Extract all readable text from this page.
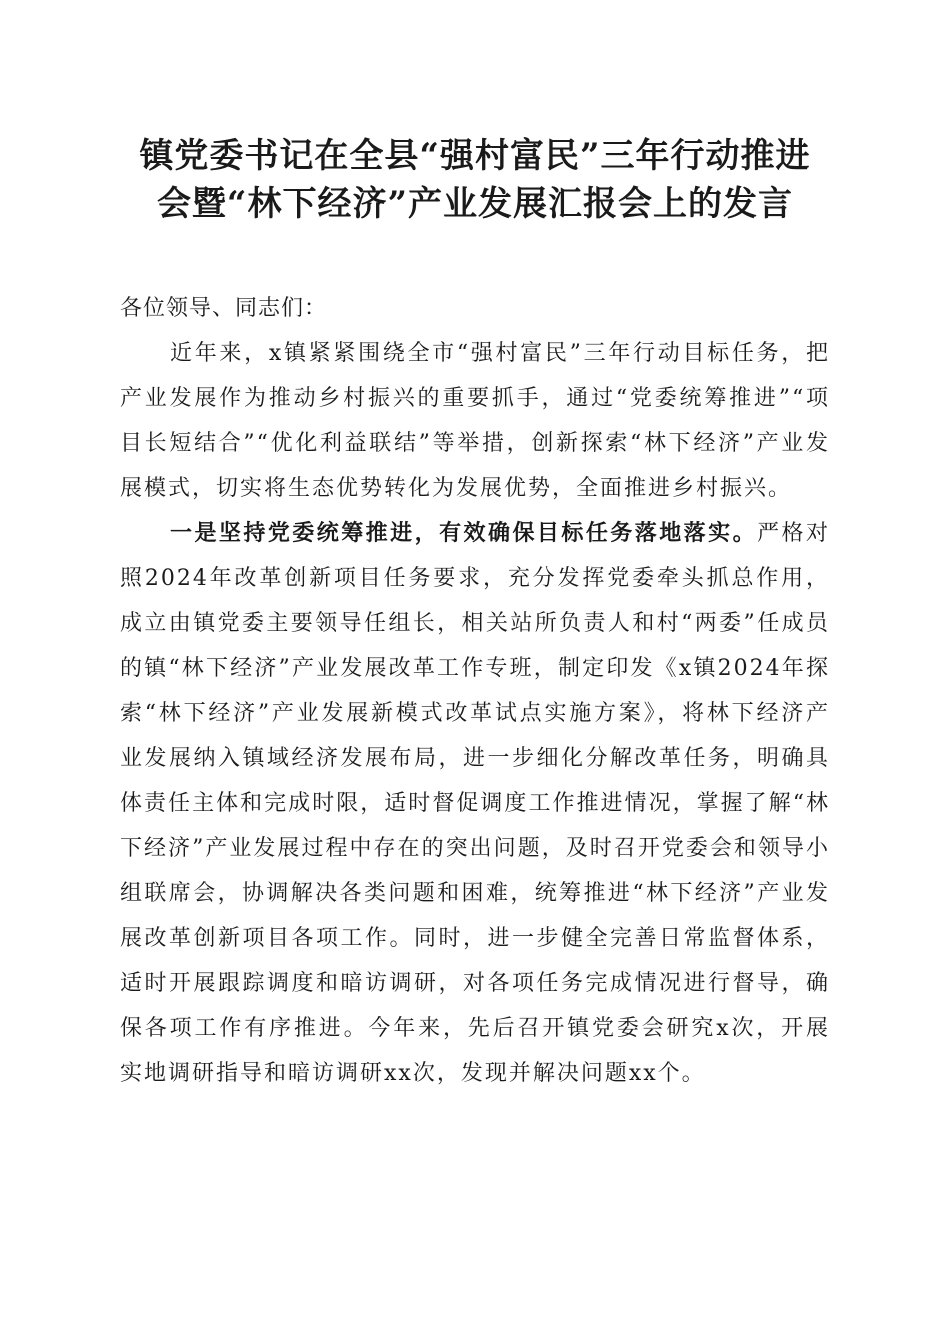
镇党委书记在全县“强村富民”三年行动推进
会暨“林下经济”产业发展汇报会上的发言

各位领导、同志们：

近年来，x镇紧紧围绕全市“强村富民”三年行动目标任务，把产业发展作为推动乡村振兴的重要抓手，通过“党委统筹推进”“项目长短结合”“优化利益联结”等举措，创新探索“林下经济”产业发展模式，切实将生态优势转化为发展优势，全面推进乡村振兴。

一是坚持党委统筹推进，有效确保目标任务落地落实。严格对照2024年改革创新项目任务要求，充分发挥党委牵头抓总作用，成立由镇党委主要领导任组长，相关站所负责人和村“两委”任成员的镇“林下经济”产业发展改革工作专班，制定印发《x镇2024年探索“林下经济”产业发展新模式改革试点实施方案》，将林下经济产业发展纳入镇域经济发展布局，进一步细化分解改革任务，明确具体责任主体和完成时限，适时督促调度工作推进情况，掌握了解“林下经济”产业发展过程中存在的突出问题，及时召开党委会和领导小组联席会，协调解决各类问题和困难，统筹推进“林下经济”产业发展改革创新项目各项工作。同时，进一步健全完善日常监督体系，适时开展跟踪调度和暗访调研，对各项任务完成情况进行督导，确保各项工作有序推进。今年来，先后召开镇党委会研究x次，开展实地调研指导和暗访调研xx次，发现并解决问题xx个。
